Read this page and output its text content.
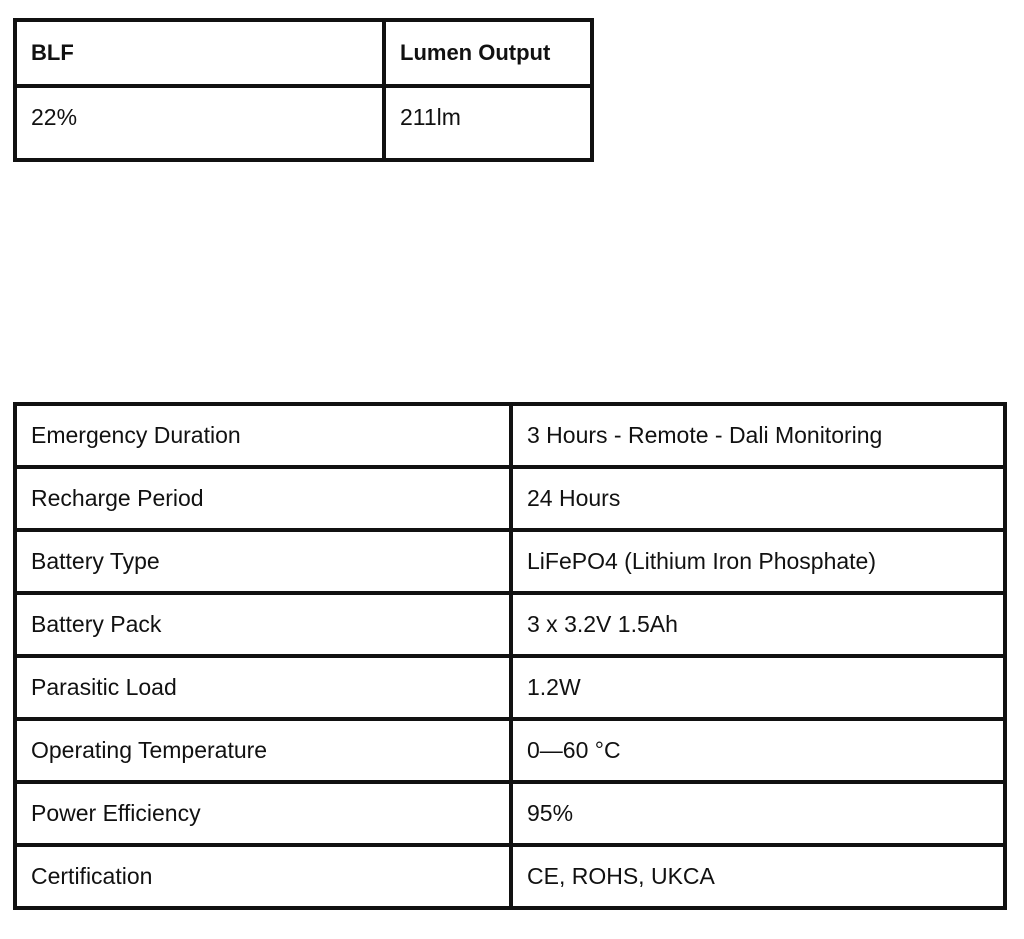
BLF	Lumen Output
22%	211lm
Emergency Duration	3 Hours - Remote - Dali Monitoring
Recharge Period	24 Hours
Battery Type	LiFePO4 (Lithium Iron Phosphate)
Battery Pack	3 x 3.2V 1.5Ah
Parasitic Load	1.2W
Operating Temperature	0—60 °C
Power Efficiency	95%
Certification	CE, ROHS, UKCA
